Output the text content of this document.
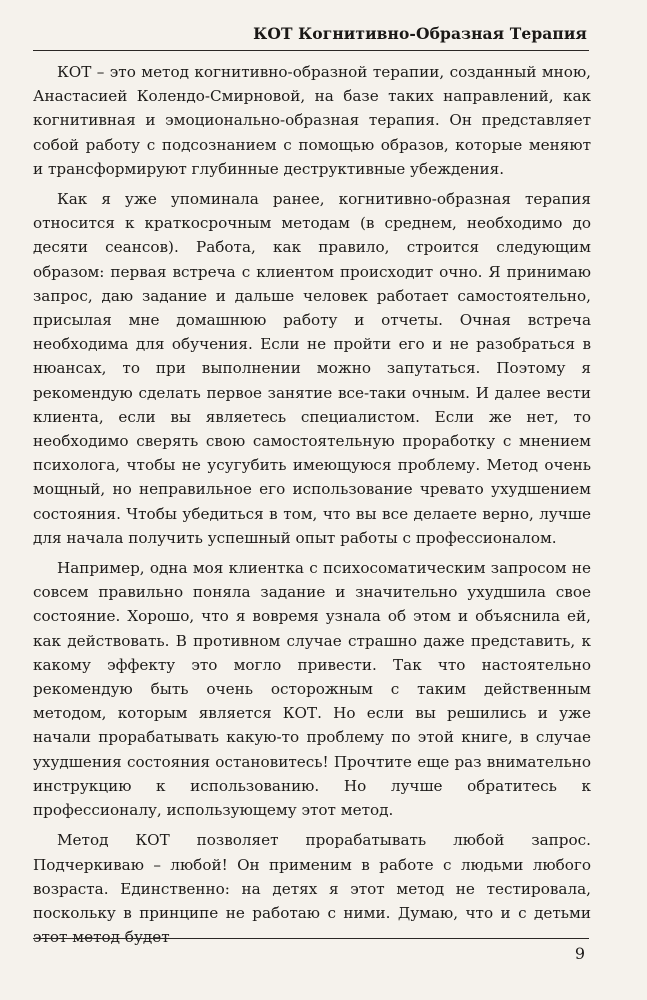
КОТ Когнитивно-Образная Терапия

КОТ – это метод когнитивно-образной терапии, созданный мною, Анастасией Колендо-Смирновой, на базе таких направлений, как когнитивная и эмоционально-образная терапия. Он представляет собой работу с подсознанием с помощью образов, которые меняют и трансформируют глубинные деструктивные убеждения.

Как я уже упоминала ранее, когнитивно-образная терапия относится к краткосрочным методам (в среднем, необходимо до десяти сеансов). Работа, как правило, строится следующим образом: первая встреча с клиентом происходит очно. Я принимаю запрос, даю задание и дальше человек работает самостоятельно, присылая мне домашнюю работу и отчеты. Очная встреча необходима для обучения. Если не пройти его и не разобраться в нюансах, то при выполнении можно запутаться. Поэтому я рекомендую сделать первое занятие все-таки очным. И далее вести клиента, если вы являетесь специалистом. Если же нет, то необходимо сверять свою самостоятельную проработку с мнением психолога, чтобы не усугубить имеющуюся проблему. Метод очень мощный, но неправильное его использование чревато ухудшением состояния. Чтобы убедиться в том, что вы все делаете верно, лучше для начала получить успешный опыт работы с профессионалом.

Например, одна моя клиентка с психосоматическим запросом не совсем правильно поняла задание и значительно ухудшила свое состояние. Хорошо, что я вовремя узнала об этом и объяснила ей, как действовать. В противном случае страшно даже представить, к какому эффекту это могло привести. Так что настоятельно рекомендую быть очень осторожным с таким действенным методом, которым является КОТ. Но если вы решились и уже начали прорабатывать какую-то проблему по этой книге, в случае ухудшения состояния остановитесь! Прочтите еще раз внимательно инструкцию к использованию. Но лучше обратитесь к профессионалу, использующему этот метод.

Метод КОТ позволяет прорабатывать любой запрос. Подчеркиваю – любой! Он применим в работе с людьми любого возраста. Единственно: на детях я этот метод не тестировала, поскольку в принципе не работаю с ними. Думаю, что и с детьми этот метод будет

9
